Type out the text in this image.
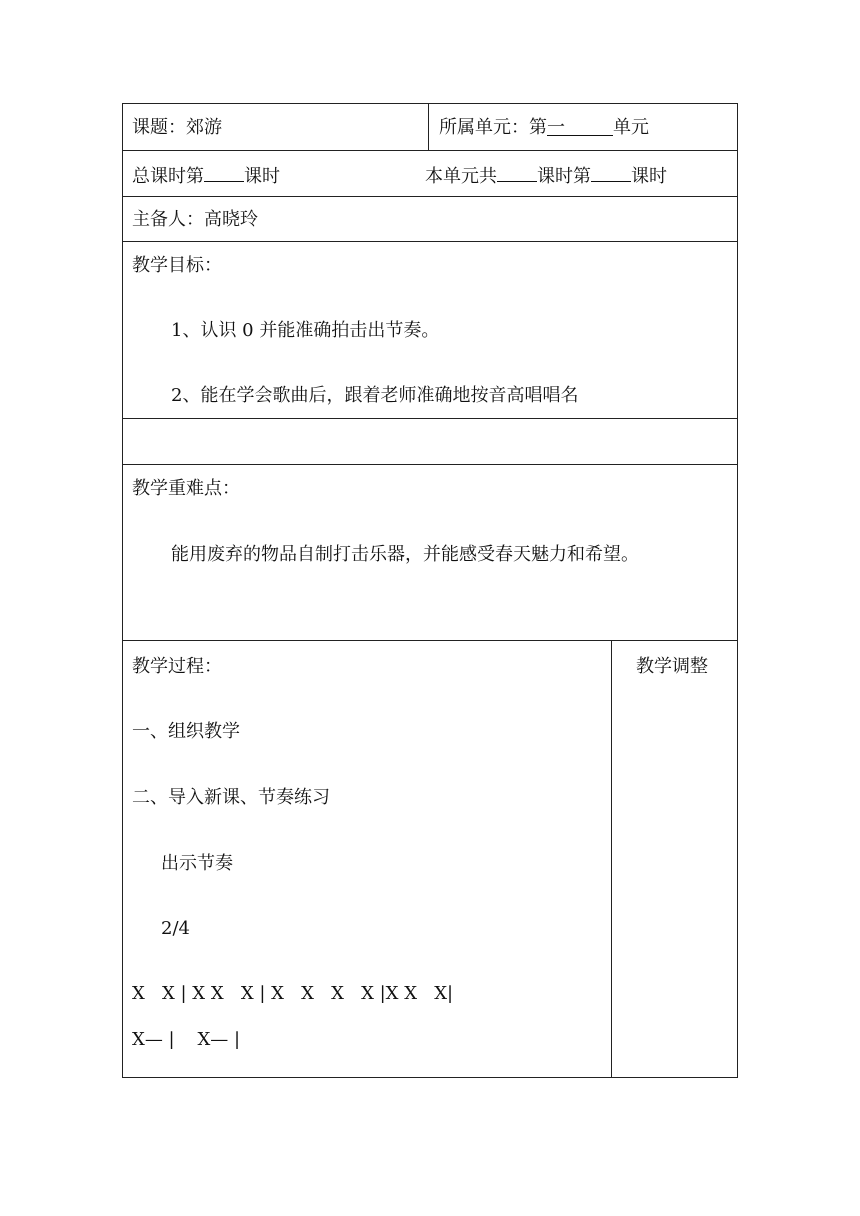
课题：郊游	所属单元：第一	单元
总课时第 课时	本单元共 课时第 课时
主备人：高晓玲
教学目标：
1、认识 0 并能准确拍击出节奏。
2、能在学会歌曲后，跟着老师准确地按音高唱唱名
教学重难点：
能用废弃的物品自制打击乐器，并能感受春天魅力和希望。
教学过程：	教学调整
一、组织教学
二、导入新课、节奏练习
出示节奏
2/4
X   X | X X   X | X   X   X   X |X X   X|
X— |    X— |
